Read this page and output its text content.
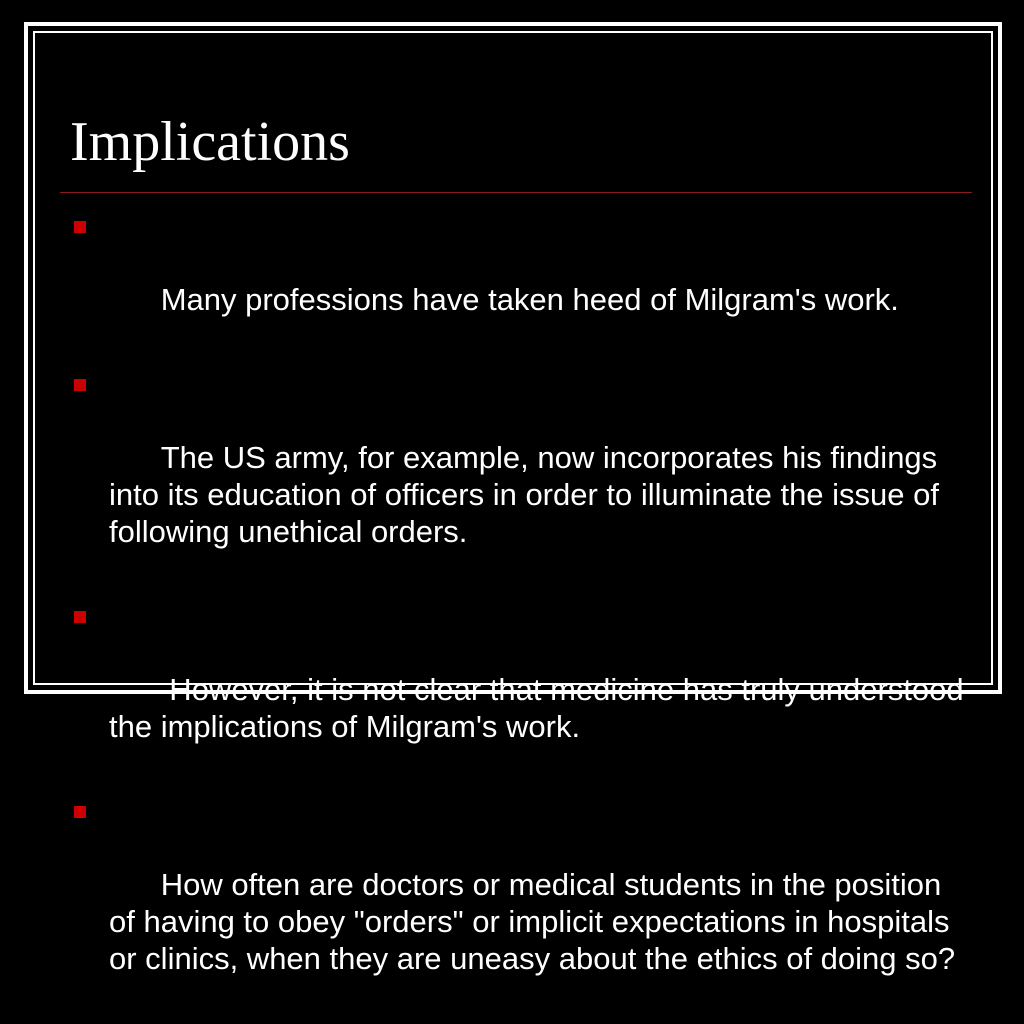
Implications

Many professions have taken heed of Milgram's work.

The US army, for example, now incorporates his findings into its education of officers in order to illuminate the issue of following unethical orders.

However, it is not clear that medicine has truly understood the implications of Milgram's work.

How often are doctors or medical students in the position of having to obey "orders" or implicit expectations in hospitals or clinics, when they are uneasy about the ethics of doing so?
